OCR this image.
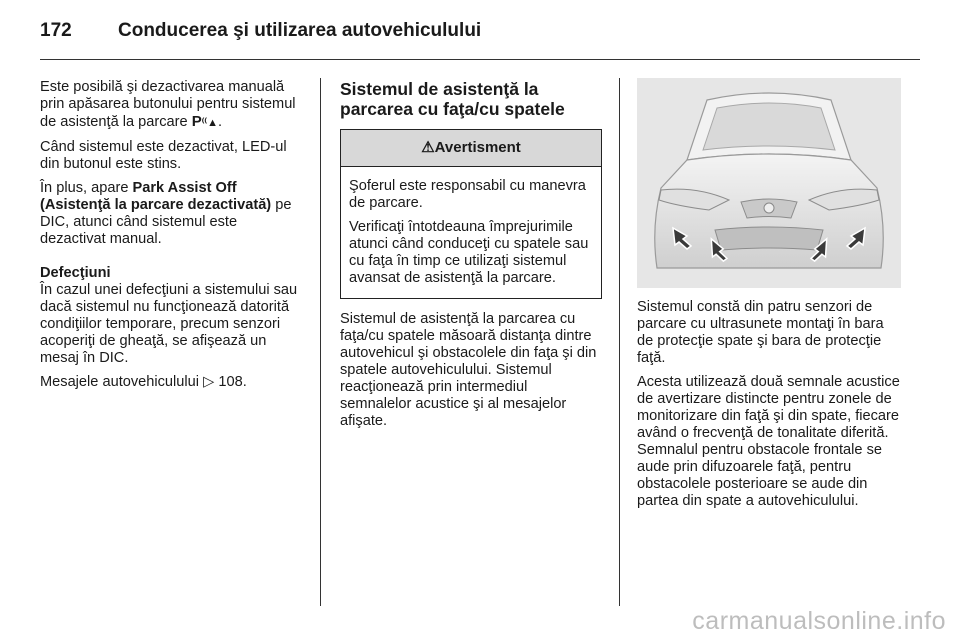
172 Conducerea şi utilizarea autovehiculului

Este posibilă şi dezactivarea manuală prin apăsarea butonului pentru sistemul de asistenţă la parcare P⁽⁽▲.

Când sistemul este dezactivat, LED-ul din butonul este stins.

În plus, apare Park Assist Off (Asistenţă la parcare dezactivată) pe DIC, atunci când sistemul este dezactivat manual.

Defecţiuni

În cazul unei defecţiuni a sistemului sau dacă sistemul nu funcţionează datorită condiţiilor temporare, precum senzori acoperiţi de gheaţă, se afişează un mesaj în DIC.

Mesajele autovehiculului ▷ 108.

Sistemul de asistenţă la parcarea cu faţa/cu spatele
⚠Avertisment

Şoferul este responsabil cu manevra de parcare.

Verificaţi întotdeauna împrejurimile atunci când conduceţi cu spatele sau cu faţa în timp ce utilizaţi sistemul avansat de asistenţă la parcare.

Sistemul de asistenţă la parcarea cu faţa/cu spatele măsoară distanţa dintre autovehicul şi obstacolele din faţa şi din spatele autovehiculului. Sistemul reacţionează prin intermediul semnalelor acustice şi al mesajelor afişate.

Sistemul constă din patru senzori de parcare cu ultrasunete montaţi în bara de protecţie spate şi bara de protecţie faţă.

Acesta utilizează două semnale acustice de avertizare distincte pentru zonele de monitorizare din faţă şi din spate, fiecare având o frecvenţă de tonalitate diferită. Semnalul pentru obstacole frontale se aude prin difuzoarele faţă, pentru obstacolele posterioare se aude din partea din spate a autovehiculului.

carmanualsonline.info
